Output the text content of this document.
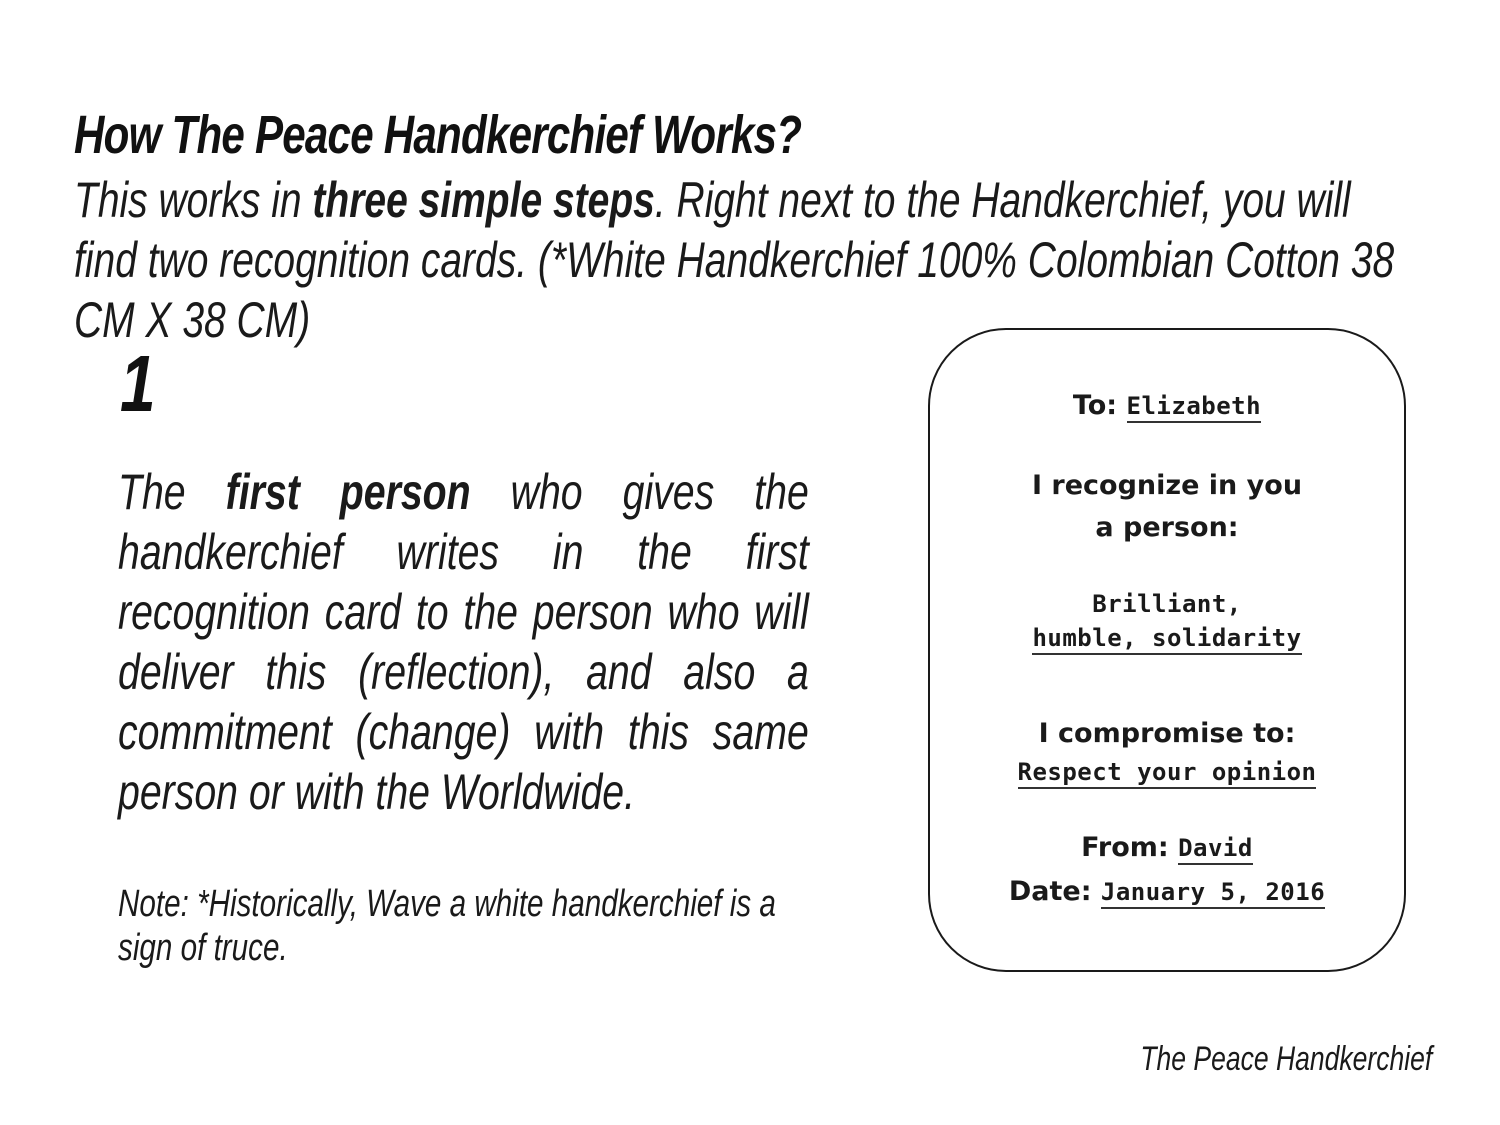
How The Peace Handkerchief Works?
This works in three simple steps. Right next to the Handkerchief, you will find two recognition cards. (*White Handkerchief 100% Colombian Cotton 38 CM X 38 CM)
1
The first person who gives the handkerchief writes in the first recognition card to the person who will deliver this (reflection), and also a commitment (change) with this same person or with the Worldwide.
Note: *Historically, Wave a white handkerchief is a sign of truce.
To: Elizabeth
I recognize in you
a person:
Brilliant,
humble, solidarity
I compromise to:
Respect your opinion
From: David
Date: January 5, 2016
The Peace Handkerchief
